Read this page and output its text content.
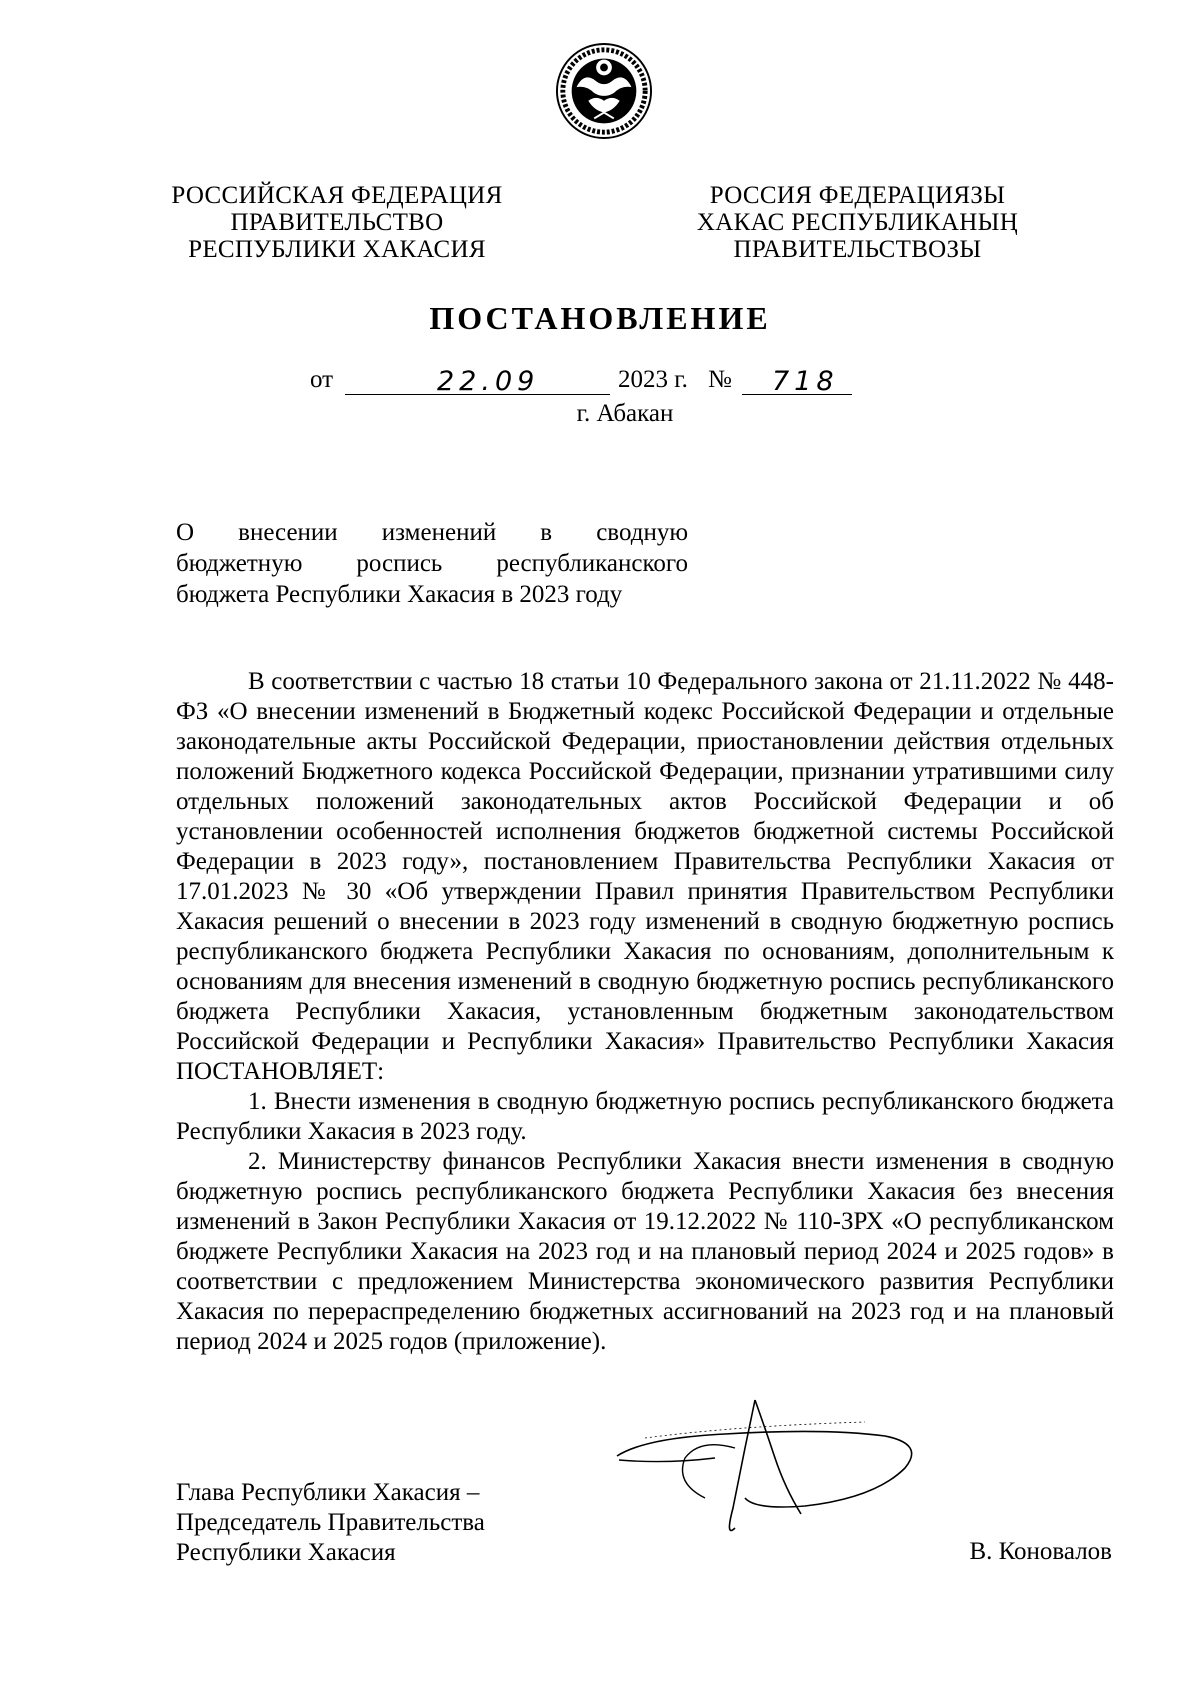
РОССИЙСКАЯ ФЕДЕРАЦИЯ
ПРАВИТЕЛЬСТВО
РЕСПУБЛИКИ ХАКАСИЯ
РОССИЯ ФЕДЕРАЦИЯЗЫ
ХАКАС РЕСПУБЛИКАНЫҢ
ПРАВИТЕЛЬСТВОЗЫ
ПОСТАНОВЛЕНИЕ
от	22.09	2023 г. № 718
г. Абакан
О внесении изменений в сводную
бюджетную роспись республиканского
бюджета Республики Хакасия в 2023 году

В соответствии с частью 18 статьи 10 Федерального закона от 21.11.2022 № 448-ФЗ «О внесении изменений в Бюджетный кодекс Российской Федерации и отдельные законодательные акты Российской Федерации, приостановлении действия отдельных положений Бюджетного кодекса Российской Федерации, признании утратившими силу отдельных положений законодательных актов Российской Федерации и об установлении особенностей исполнения бюджетов бюджетной системы Российской Федерации в 2023 году», постановлением Правительства Республики Хакасия от 17.01.2023 № 30 «Об утверждении Правил принятия Правительством Республики Хакасия решений о внесении в 2023 году изменений в сводную бюджетную роспись республиканского бюджета Республики Хакасия по основаниям, дополнительным к основаниям для внесения изменений в сводную бюджетную роспись республиканского бюджета Республики Хакасия, установленным бюджетным законодательством Российской Федерации и Республики Хакасия» Правительство Республики Хакасия ПОСТАНОВЛЯЕТ:

1. Внести изменения в сводную бюджетную роспись республиканского бюджета Республики Хакасия в 2023 году.

2. Министерству финансов Республики Хакасия внести изменения в сводную бюджетную роспись республиканского бюджета Республики Хакасия без внесения изменений в Закон Республики Хакасия от 19.12.2022 № 110-ЗРХ «О республиканском бюджете Республики Хакасия на 2023 год и на плановый период 2024 и 2025 годов» в соответствии с предложением Министерства экономического развития Республики Хакасия по перераспределению бюджетных ассигнований на 2023 год и на плановый период 2024 и 2025 годов (приложение).

Глава Республики Хакасия –
Председатель Правительства
Республики Хакасия	В. Коновалов
